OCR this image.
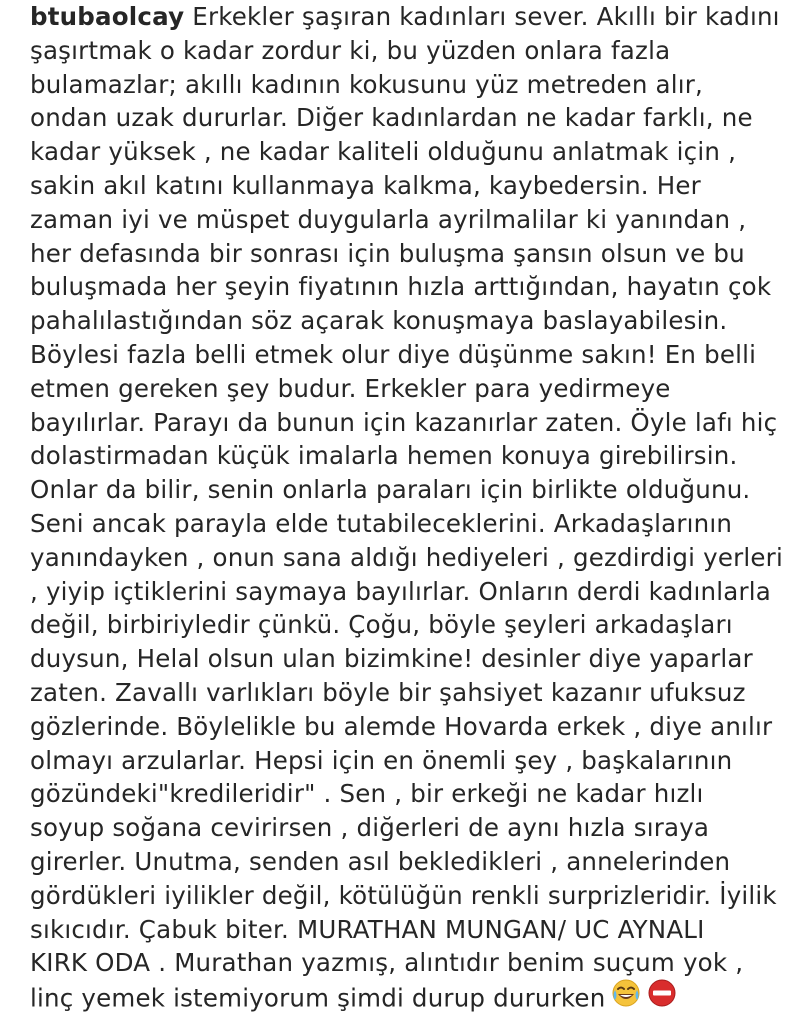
btubaolcay Erkekler şaşıran kadınları sever. Akıllı bir kadını
şaşırtmak o kadar zordur ki, bu yüzden onlara fazla
bulamazlar; akıllı kadının kokusunu yüz metreden alır,
ondan uzak dururlar. Diğer kadınlardan ne kadar farklı, ne
kadar yüksek , ne kadar kaliteli olduğunu anlatmak için ,
sakin akıl katını kullanmaya kalkma, kaybedersin. Her
zaman iyi ve müspet duygularla ayrilmalilar ki yanından ,
her defasında bir sonrası için buluşma şansın olsun ve bu
buluşmada her şeyin fiyatının hızla arttığından, hayatın çok
pahalılastığından söz açarak konuşmaya baslayabilesin.
Böylesi fazla belli etmek olur diye düşünme sakın! En belli
etmen gereken şey budur. Erkekler para yedirmeye
bayılırlar. Parayı da bunun için kazanırlar zaten. Öyle lafı hiç
dolastirmadan küçük imalarla hemen konuya girebilirsin.
Onlar da bilir, senin onlarla paraları için birlikte olduğunu.
Seni ancak parayla elde tutabileceklerini. Arkadaşlarının
yanındayken , onun sana aldığı hediyeleri , gezdirdigi yerleri
, yiyip içtiklerini saymaya bayılırlar. Onların derdi kadınlarla
değil, birbiriyledir çünkü. Çoğu, böyle şeyleri arkadaşları
duysun, Helal olsun ulan bizimkine! desinler diye yaparlar
zaten. Zavallı varlıkları böyle bir şahsiyet kazanır ufuksuz
gözlerinde. Böylelikle bu alemde Hovarda erkek , diye anılır
olmayı arzularlar. Hepsi için en önemli şey , başkalarının
gözündeki"kredileridir" . Sen , bir erkeği ne kadar hızlı
soyup soğana cevirirsen , diğerleri de aynı hızla sıraya
girerler. Unutma, senden asıl bekledikleri , annelerinden
gördükleri iyilikler değil, kötülüğün renkli surprizleridir. İyilik
sıkıcıdır. Çabuk biter. MURATHAN MUNGAN/ UC AYNALI
KIRK ODA . Murathan yazmış, alıntıdır benim suçum yok ,
linç yemek istemiyorum şimdi durup dururken
